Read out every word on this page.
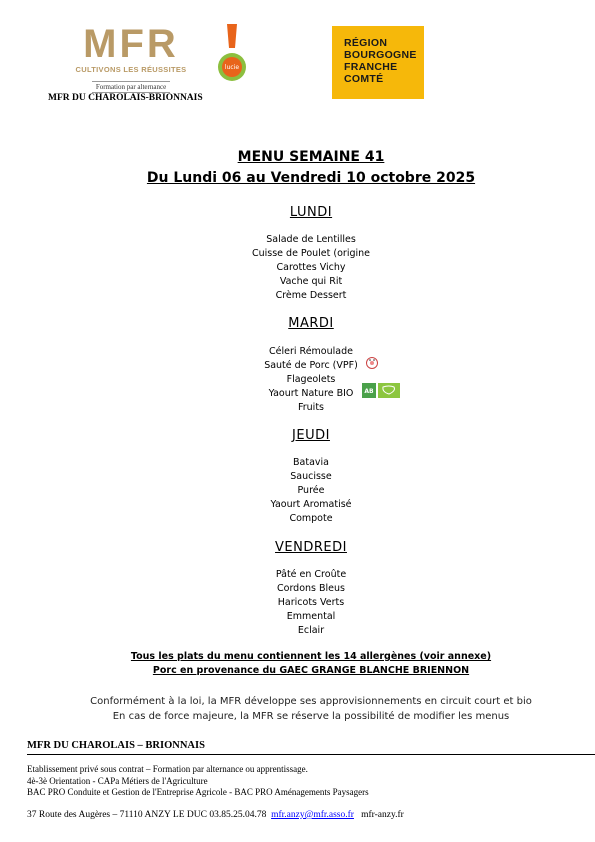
MFR
CULTIVONS LES RÉUSSITES
Formation par alternance
lucie
RÉGION
BOURGOGNE
FRANCHE
COMTÉ
MFR DU CHAROLAIS-BRIONNAIS
MENU SEMAINE 41
Du Lundi 06 au Vendredi 10 octobre 2025
LUNDI
Salade de Lentilles
Cuisse de Poulet (origine
Carottes Vichy
Vache qui Rit
Crème Dessert
MARDI
Céleri Rémoulade
Sauté de Porc (VPF)
Flageolets
Yaourt Nature BIO
Fruits
AB
JEUDI
Batavia
Saucisse
Purée
Yaourt Aromatisé
Compote
VENDREDI
Pâté en Croûte
Cordons Bleus
Haricots Verts
Emmental
Eclair
Tous les plats du menu contiennent les 14 allergènes (voir annexe)
Porc en provenance du GAEC GRANGE BLANCHE BRIENNON
Conformément à la loi, la MFR développe ses approvisionnements en circuit court et bio
En cas de force majeure, la MFR se réserve la possibilité de modifier les menus
MFR DU CHAROLAIS – BRIONNAIS
Etablissement privé sous contrat – Formation par alternance ou apprentissage.
4è-3è Orientation - CAPa Métiers de l'Agriculture
BAC PRO Conduite et Gestion de l'Entreprise Agricole - BAC PRO Aménagements Paysagers
37 Route des Augères – 71110 ANZY LE DUC 03.85.25.04.78 mfr.anzy@mfr.asso.fr mfr-anzy.fr
